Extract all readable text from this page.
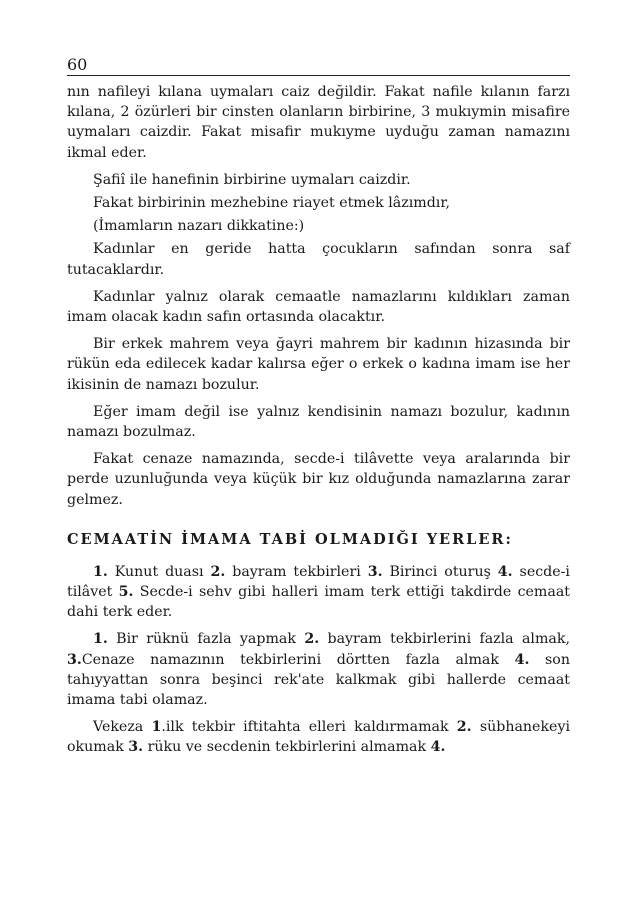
60

nın nafileyi kılana uymaları caiz değildir. Fakat nafile kılanın farzı kılana, 2 özürleri bir cinsten olanların birbirine, 3 mukıymin misafire uymaları caizdir. Fakat misafir mukıyme uyduğu zaman namazını ikmal eder.

Şafiî ile hanefinin birbirine uymaları caizdir.

Fakat birbirinin mezhebine riayet etmek lâzımdır,

(İmamların nazarı dikkatine:)

Kadınlar en geride hatta çocukların safından sonra saf tutacaklardır.

Kadınlar yalnız olarak cemaatle namazlarını kıldıkları zaman imam olacak kadın safın ortasında olacaktır.

Bir erkek mahrem veya ğayri mahrem bir kadının hizasında bir rükün eda edilecek kadar kalırsa eğer o erkek o kadına imam ise her ikisinin de namazı bozulur.

Eğer imam değil ise yalnız kendisinin namazı bozulur, kadının namazı bozulmaz.

Fakat cenaze namazında, secde-i tilâvette veya aralarında bir perde uzunluğunda veya küçük bir kız olduğunda namazlarına zarar gelmez.

CEMAATİN İMAMA TABİ OLMADIĞI YERLER:

1. Kunut duası 2. bayram tekbirleri 3. Birinci oturuş 4. secde-i tilâvet 5. Secde-i sehv gibi halleri imam terk ettiği takdirde cemaat dahi terk eder.

1. Bir rüknü fazla yapmak 2. bayram tekbirlerini fazla almak, 3.Cenaze namazının tekbirlerini dörtten fazla almak 4. son tahıyyattan sonra beşinci rek'ate kalkmak gibi hallerde cemaat imama tabi olamaz.

Vekeza 1.ilk tekbir iftitahta elleri kaldırmamak 2. sübhanekeyi okumak 3. rüku ve secdenin tekbirlerini almamak 4.
